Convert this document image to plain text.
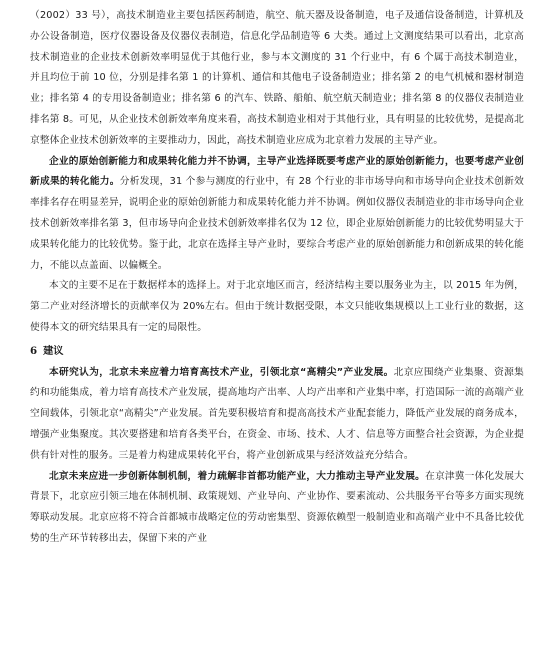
（2002）33 号），高技术制造业主要包括医药制造，航空、航天器及设备制造，电子及通信设备制造，计算机及办公设备制造，医疗仪器设备及仪器仪表制造，信息化学品制造等 6 大类。通过上文测度结果可以看出，北京高技术制造业的企业技术创新效率明显优于其他行业，参与本文测度的 31 个行业中，有 6 个属于高技术制造业，并且均位于前 10 位，分别是排名第 1 的计算机、通信和其他电子设备制造业；排名第 2 的电气机械和器材制造业；排名第 4 的专用设备制造业；排名第 6 的汽车、铁路、船舶、航空航天制造业；排名第 8 的仪器仪表制造业排名第 8。可见，从企业技术创新效率角度来看，高技术制造业相对于其他行业，具有明显的比较优势，是提高北京整体企业技术创新效率的主要推动力，因此，高技术制造业应成为北京着力发展的主导产业。

企业的原始创新能力和成果转化能力并不协调，主导产业选择既要考虑产业的原始创新能力，也要考虑产业创新成果的转化能力。分析发现，31 个参与测度的行业中，有 28 个行业的非市场导向和市场导向企业技术创新效率排名存在明显差异，说明企业的原始创新能力和成果转化能力并不协调。例如仪器仪表制造业的非市场导向企业技术创新效率排名第 3，但市场导向企业技术创新效率排名仅为 12 位，即企业原始创新能力的比较优势明显大于成果转化能力的比较优势。鉴于此，北京在选择主导产业时，要综合考虑产业的原始创新能力和创新成果的转化能力，不能以点盖面、以偏概全。

本文的主要不足在于数据样本的选择上。对于北京地区而言，经济结构主要以服务业为主，以 2015 年为例，第二产业对经济增长的贡献率仅为 20%左右。但由于统计数据受限，本文只能收集规模以上工业行业的数据，这使得本文的研究结果具有一定的局限性。

6 建议

本研究认为，北京未来应着力培育高技术产业，引领北京“高精尖”产业发展。北京应围绕产业集聚、资源集约和功能集成，着力培育高技术产业发展，提高地均产出率、人均产出率和产业集中率，打造国际一流的高端产业空间载体，引领北京“高精尖”产业发展。首先要积极培育和提高高技术产业配套能力，降低产业发展的商务成本，增强产业集聚度。其次要搭建和培育各类平台，在资金、市场、技术、人才、信息等方面整合社会资源，为企业提供有针对性的服务。三是着力构建成果转化平台，将产业创新成果与经济效益充分结合。

北京未来应进一步创新体制机制，着力疏解非首都功能产业，大力推动主导产业发展。在京津冀一体化发展大背景下，北京应引领三地在体制机制、政策规划、产业导向、产业协作、要素流动、公共服务平台等多方面实现统筹联动发展。北京应将不符合首都城市战略定位的劳动密集型、资源依赖型一般制造业和高端产业中不具备比较优势的生产环节转移出去，保留下来的产业
